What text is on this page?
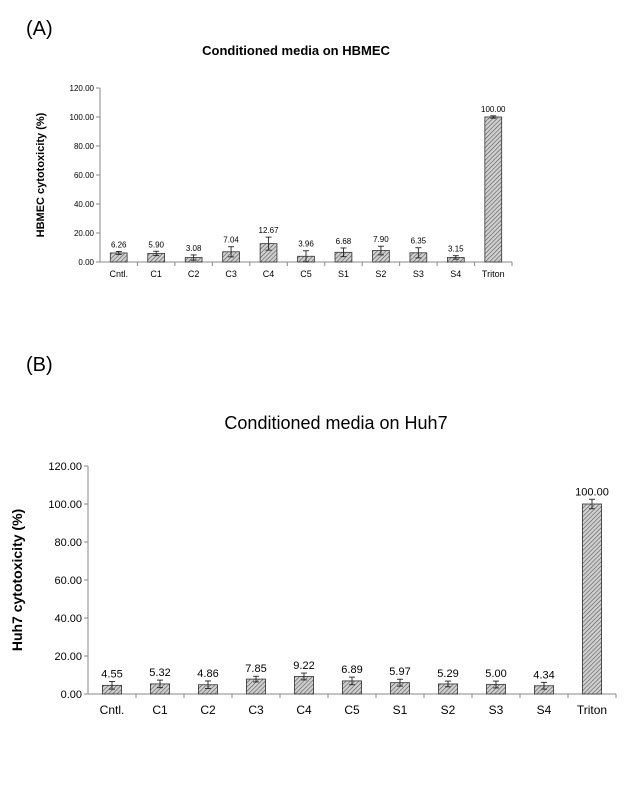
(A)
(B)
Conditioned media on HBMEC
HBMEC cytotoxicity (%)
0.00
20.00
40.00
60.00
80.00
100.00
120.00
6.26
Cntl.
5.90
C1
3.08
C2
7.04
C3
12.67
C4
3.96
C5
6.68
S1
7.90
S2
6.35
S3
3.15
S4
100.00
Triton
Conditioned media on Huh7
Huh7 cytotoxicity (%)
0.00
20.00
40.00
60.00
80.00
100.00
120.00
4.55
Cntl.
5.32
C1
4.86
C2
7.85
C3
9.22
C4
6.89
C5
5.97
S1
5.29
S2
5.00
S3
4.34
S4
100.00
Triton
